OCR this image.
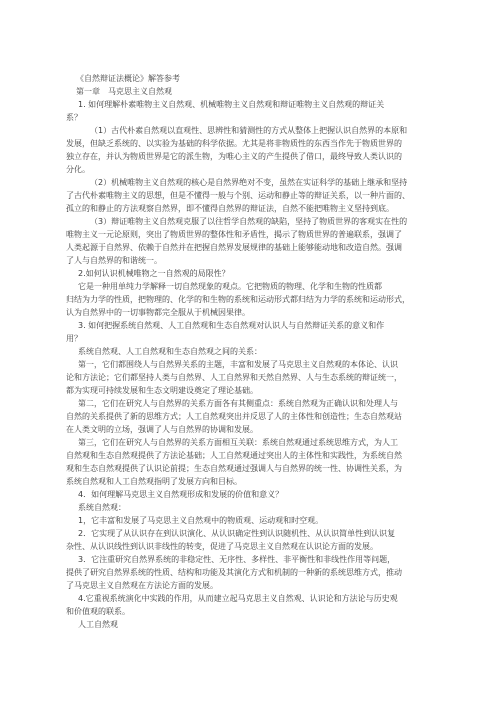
《自然辩证法概论》解答参考
第一章　马克思主义自然观
1. 如何理解朴素唯物主义自然观、机械唯物主义自然观和辩证唯物主义自然观的辩证关
系？
（1）古代朴素自然观以直观性、思辨性和猜测性的方式从整体上把握认识自然界的本原和
发展，但缺乏系统的、以实验为基础的科学依据。尤其是将非物质性的东西当作先于物质世界的
独立存在，并认为物质世界是它的派生物，为唯心主义的产生提供了借口，最终导致人类认识的
分化。
（2）机械唯物主义自然观的核心是自然界绝对不变，虽然在实证科学的基础上继承和坚持
了古代朴素唯物主义的思想，但是不懂得一般与个别、运动和静止等的辩证关系，以一种片面的、
孤立的和静止的方法观察自然界，即不懂得自然界的辩证法，自然不能把唯物主义坚持到底。
（3）辩证唯物主义自然观克服了以往哲学自然观的缺陷，坚持了物质世界的客观实在性的
唯物主义一元论原则，突出了物质世界的整体性和矛盾性，揭示了物质世界的普遍联系，强调了
人类起源于自然界、依赖于自然并在把握自然界发展规律的基础上能够能动地和改造自然。强调
了人与自然界的和谐统一。
2.如何认识机械唯物之一自然观的局限性？
它是一种用单纯力学解释一切自然现象的观点。它把物质的物理、化学和生物的性质都
归结为力学的性质，把物理的、化学的和生物的系统和运动形式都归结为力学的系统和运动形式，
认为自然界中的一切事物都完全服从于机械因果律。
3. 如何把握系统自然观、人工自然观和生态自然观对认识人与自然辩证关系的意义和作
用？
系统自然观、人工自然观和生态自然观之间的关系：
第一，它们都围绕人与自然界关系的主题，丰富和发展了马克思主义自然观的本体论、认识
论和方法论；它们都坚持人类与自然界、人工自然界和天然自然界、人与生态系统的辩证统一，
都为实现可持续发展和生态文明建设奠定了理论基础。
第二，它们在研究人与自然界的关系方面各有其侧重点：系统自然观为正确认识和处理人与
自然的关系提供了新的思维方式；人工自然观突出并反思了人的主体性和创造性；生态自然观站
在人类文明的立场，强调了人与自然界的协调和发展。
第三，它们在研究人与自然界的关系方面相互关联：系统自然观通过系统思维方式，为人工
自然观和生态自然观提供了方法论基础；人工自然观通过突出人的主体性和实践性，为系统自然
观和生态自然观提供了认识论前提；生态自然观通过强调人与自然界的统一性、协调性关系，为
系统自然观和人工自然观指明了发展方向和目标。
4．如何理解马克思主义自然观形成和发展的价值和意义？
系统自然观：
1，它丰富和发展了马克思主义自然观中的物质观、运动观和时空观。
2．它实现了从认识存在到认识演化、从认识确定性到认识随机性、从认识简单性到认识复
杂性、从认识线性到认识非线性的转变，促进了马克思主义自然观在认识论方面的发展。
3．它注重研究自然界系统的非稳定性、无序性、多样性、非平衡性和非线性作用等问题，
提供了研究自然界系统的性质、结构和功能及其演化方式和机制的一种新的系统思维方式，推动
了马克思主义自然观在方法论方面的发展。
4.它重视系统演化中实践的作用，从而建立起马克思主义自然观、认识论和方法论与历史观
和价值观的联系。
人工自然观
